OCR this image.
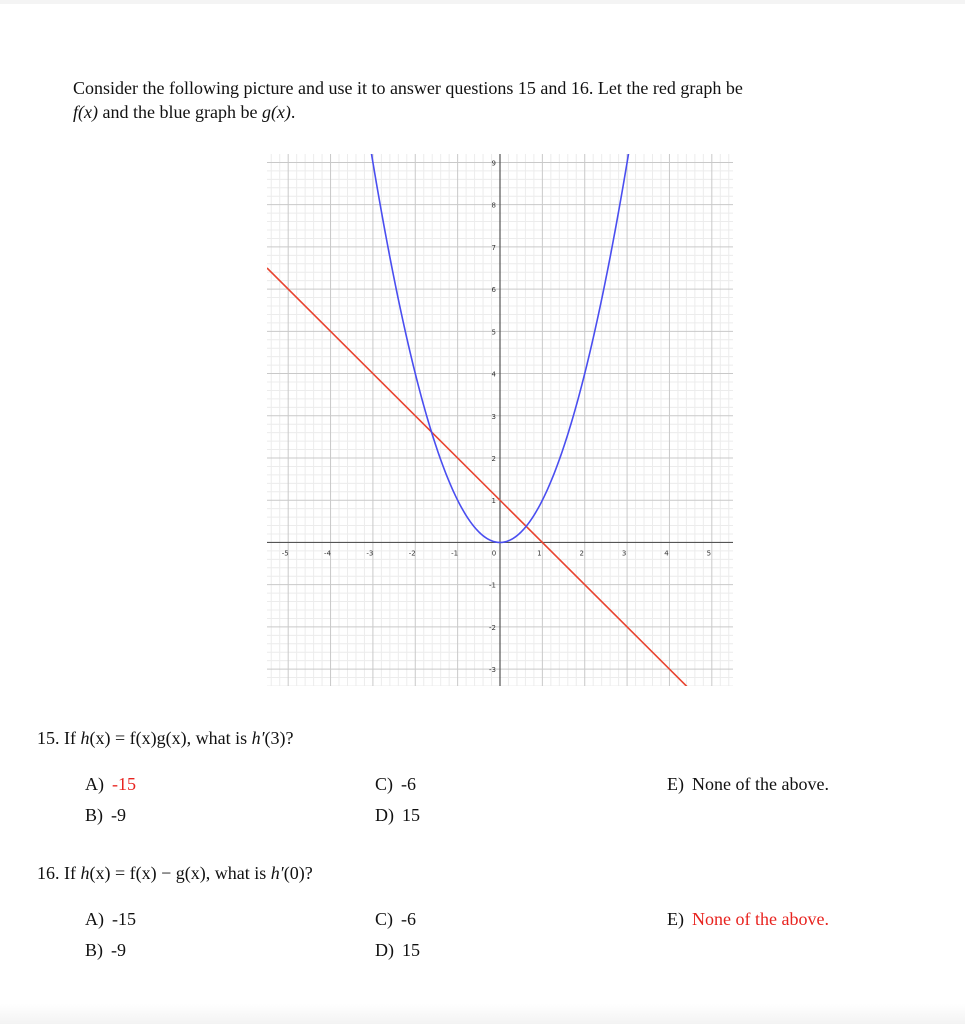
Consider the following picture and use it to answer questions 15 and 16. Let the red graph be
f(x) and the blue graph be g(x).
-5	-4	-3	-2	-1	0	1	2	3	4	5
-3
-2
-1
1
2
3
4
5
6
7
8
9
15. If h(x) = f(x)g(x), what is h′(3)?
A) -15
B) -9
C) -6
D) 15
E) None of the above.
16. If h(x) = f(x) − g(x), what is h′(0)?
A) -15
B) -9
C) -6
D) 15
E) None of the above.
